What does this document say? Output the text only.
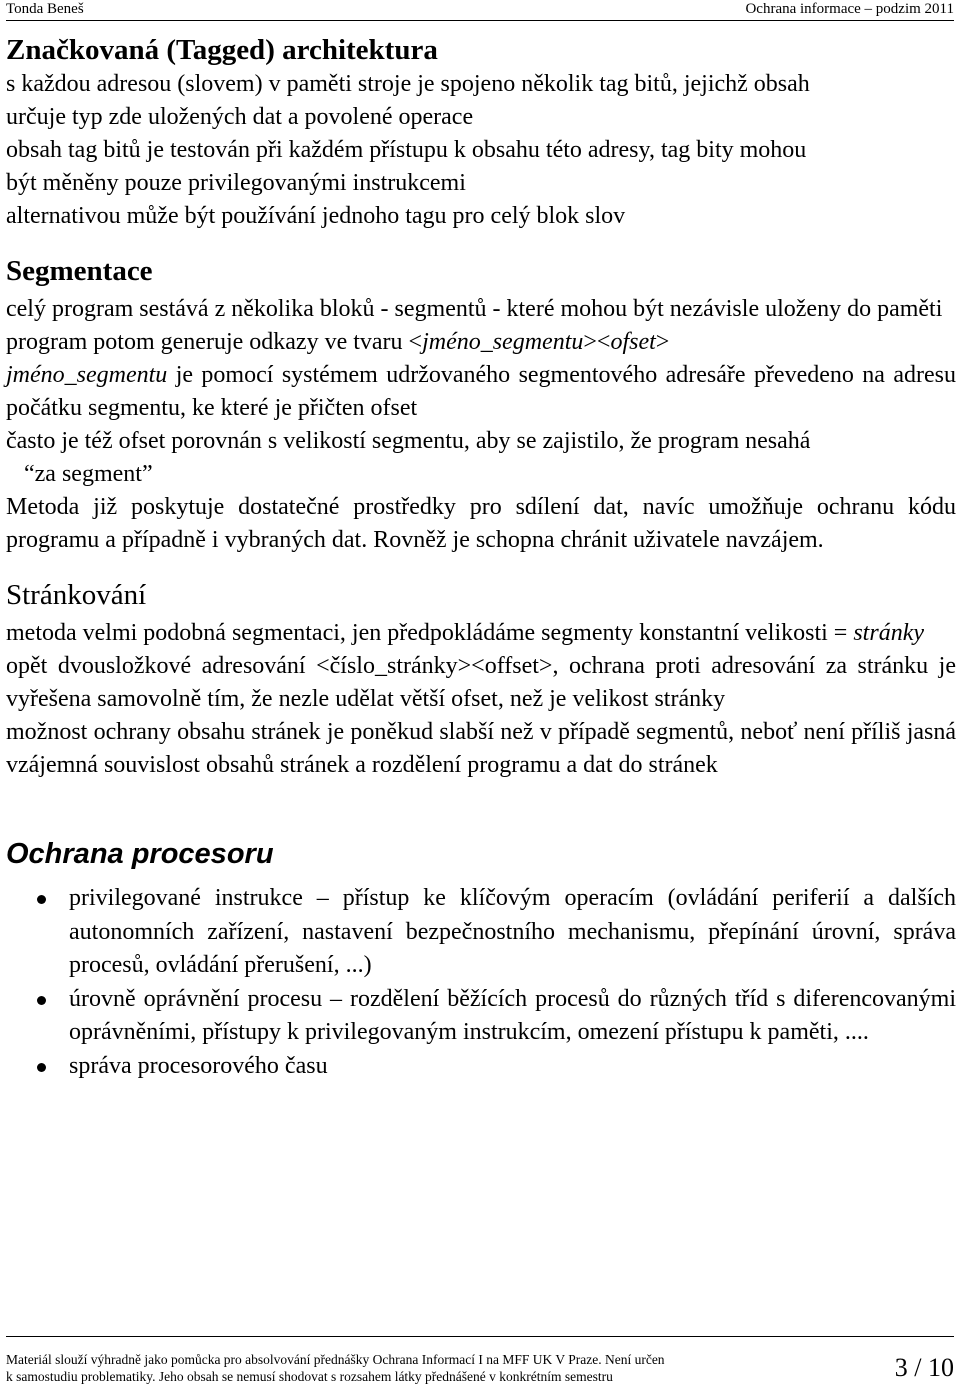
Tonda Beneš	Ochrana informace – podzim 2011
Značkovaná (Tagged) architektura

s každou adresou (slovem) v paměti stroje je spojeno několik tag bitů, jejichž obsah

určuje typ zde uložených dat a povolené operace

obsah tag bitů je testován při každém přístupu k obsahu této adresy, tag bity mohou

být měněny pouze privilegovanými instrukcemi

alternativou může být používání jednoho tagu pro celý blok slov

Segmentace

celý program sestává z několika bloků - segmentů - které mohou být nezávisle uloženy do paměti

program potom generuje odkazy ve tvaru <jméno_segmentu><ofset>

jméno_segmentu je pomocí systémem udržovaného segmentového adresáře převedeno na adresu počátku segmentu, ke které je přičten ofset

často je též ofset porovnán s velikostí segmentu, aby se zajistilo, že program nesahá

“za segment”

Metoda již poskytuje dostatečné prostředky pro sdílení dat, navíc umožňuje ochranu kódu programu a případně i vybraných dat. Rovněž je schopna chránit uživatele navzájem.

Stránkování

metoda velmi podobná segmentaci, jen předpokládáme segmenty konstantní velikosti = stránky

opět dvousložkové adresování <číslo_stránky><offset>, ochrana proti adresování za stránku je vyřešena samovolně tím, že nezle udělat větší ofset, než je velikost stránky

možnost ochrany obsahu stránek je poněkud slabší než v případě segmentů, neboť není příliš jasná vzájemná souvislost obsahů stránek a rozdělení programu a dat do stránek

Ochrana procesoru
privilegované instrukce – přístup ke klíčovým operacím (ovládání periferií a dalších autonomních zařízení, nastavení bezpečnostního mechanismu, přepínání úrovní, správa procesů, ovládání přerušení, ...)
úrovně oprávnění procesu – rozdělení běžících procesů do různých tříd s diferencovanými oprávněními, přístupy k privilegovaným instrukcím, omezení přístupu k paměti, ....
správa procesorového času
Materiál slouží výhradně jako pomůcka pro absolvování přednášky Ochrana Informací I na MFF UK V Praze. Není určen
k samostudiu problematiky. Jeho obsah se nemusí shodovat s rozsahem látky přednášené v konkrétním semestru	3 / 10
